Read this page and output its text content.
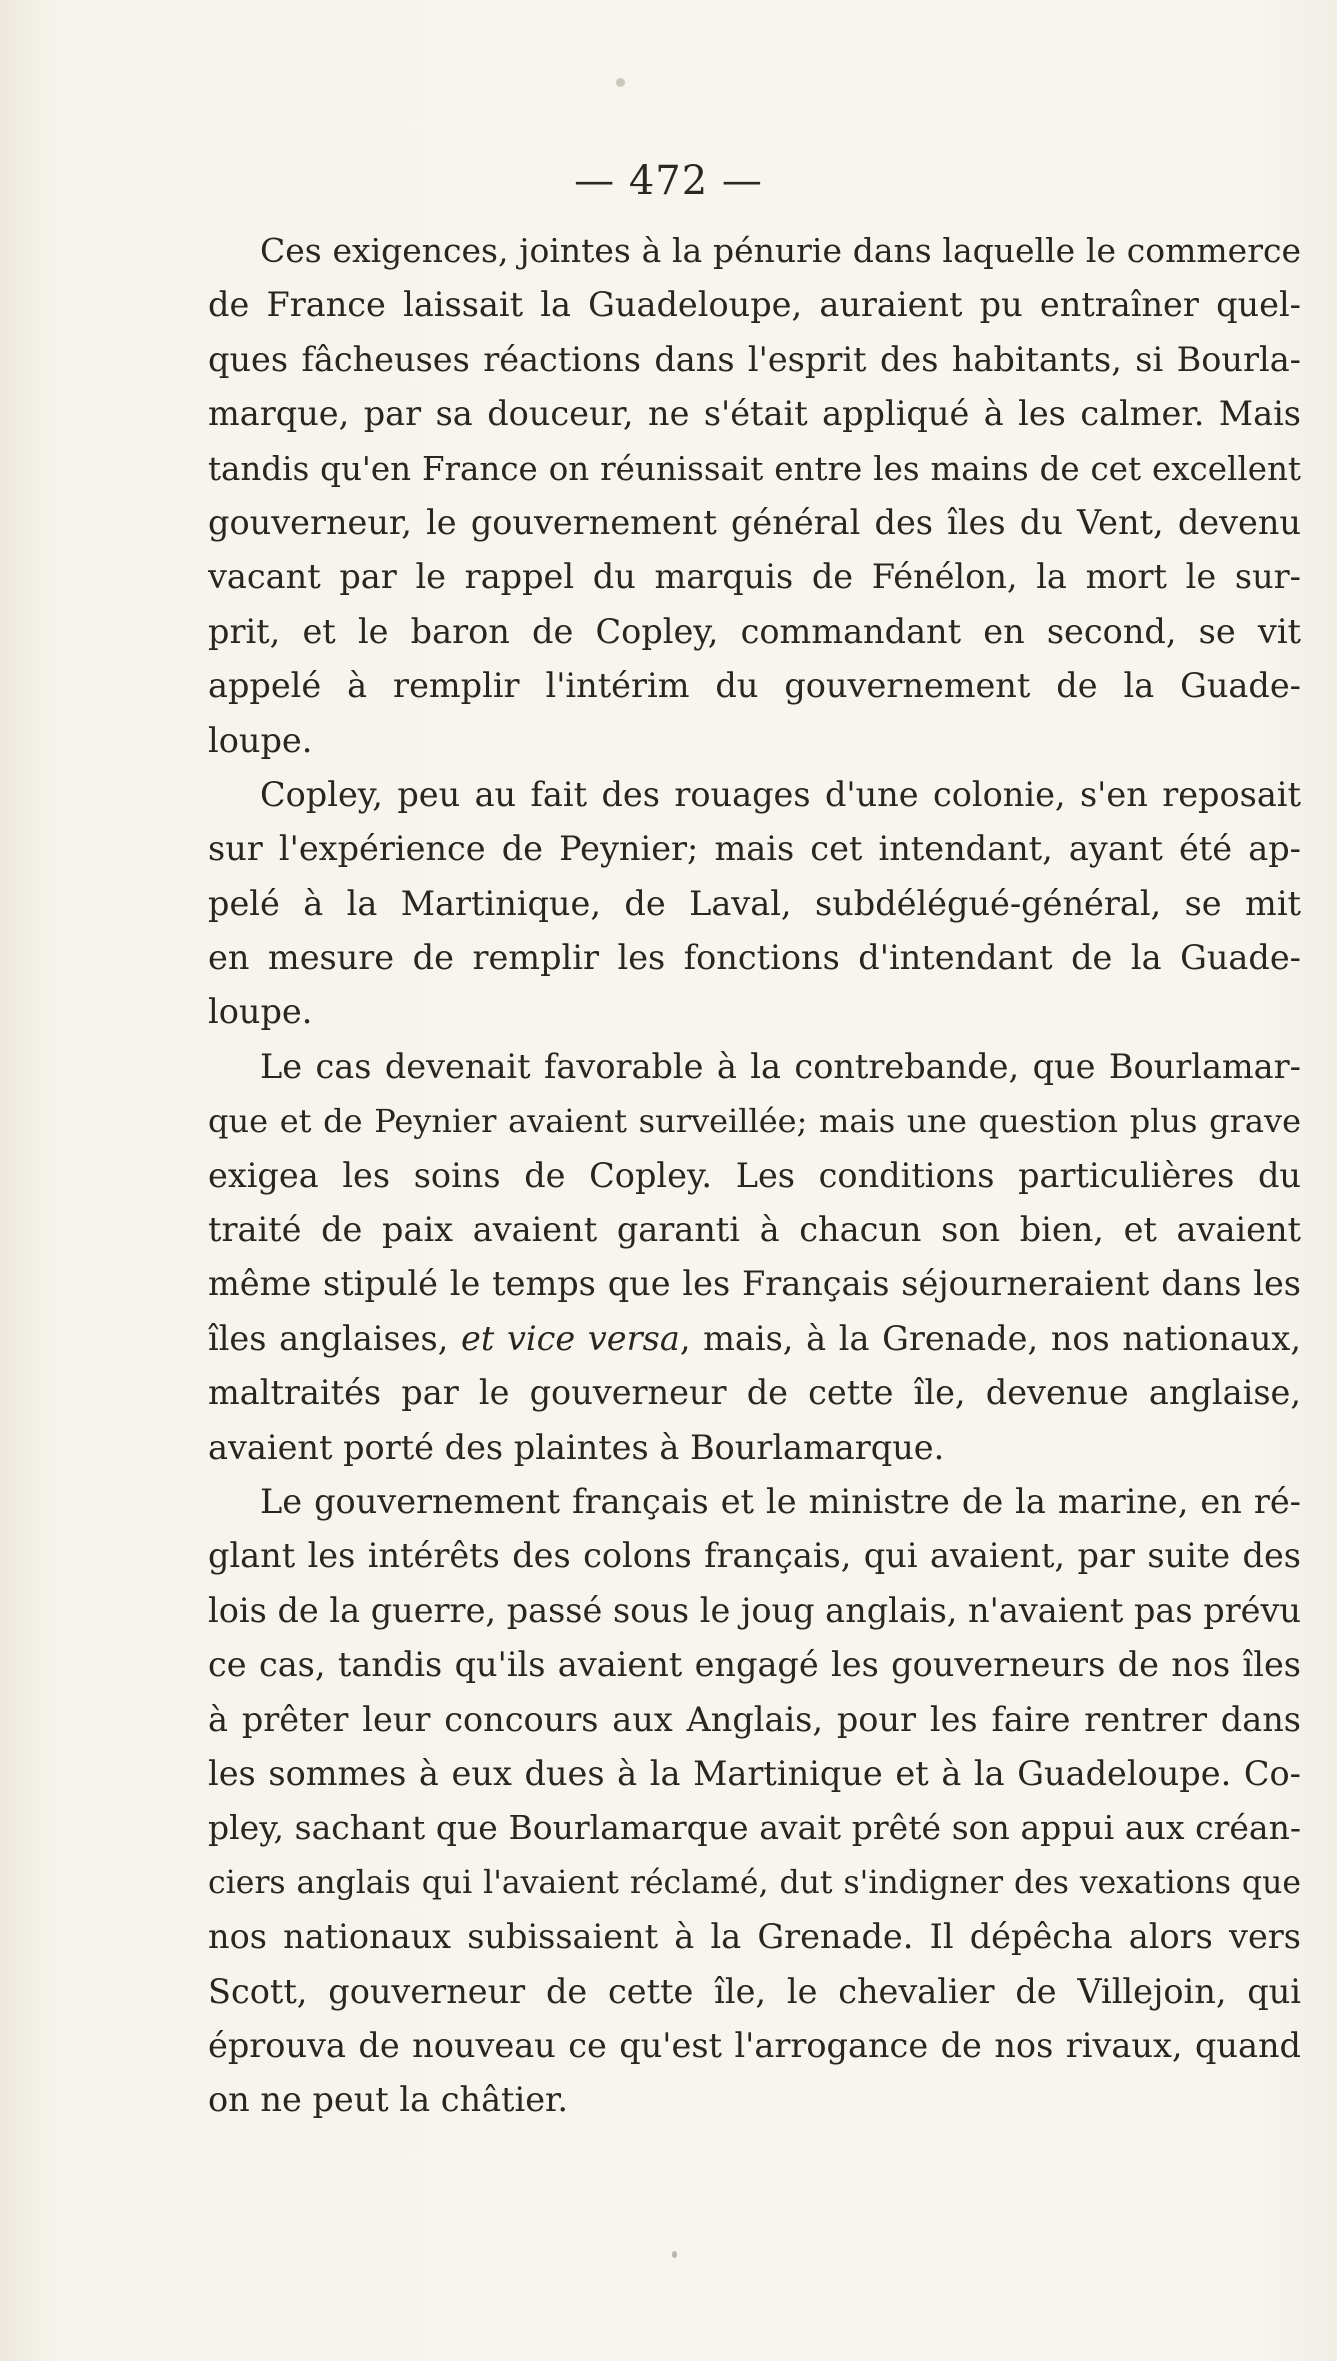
— 472 —
Ces exigences, jointes à la pénurie dans laquelle le commerce
de France laissait la Guadeloupe, auraient pu entraîner quel-
ques fâcheuses réactions dans l'esprit des habitants, si Bourla-
marque, par sa douceur, ne s'était appliqué à les calmer. Mais
tandis qu'en France on réunissait entre les mains de cet excellent
gouverneur, le gouvernement général des îles du Vent, devenu
vacant par le rappel du marquis de Fénélon, la mort le sur-
prit, et le baron de Copley, commandant en second, se vit
appelé à remplir l'intérim du gouvernement de la Guade-
loupe.
Copley, peu au fait des rouages d'une colonie, s'en reposait
sur l'expérience de Peynier; mais cet intendant, ayant été ap-
pelé à la Martinique, de Laval, subdélégué-général, se mit
en mesure de remplir les fonctions d'intendant de la Guade-
loupe.
Le cas devenait favorable à la contrebande, que Bourlamar-
que et de Peynier avaient surveillée; mais une question plus grave
exigea les soins de Copley. Les conditions particulières du
traité de paix avaient garanti à chacun son bien, et avaient
même stipulé le temps que les Français séjourneraient dans les
îles anglaises, et vice versa, mais, à la Grenade, nos nationaux,
maltraités par le gouverneur de cette île, devenue anglaise,
avaient porté des plaintes à Bourlamarque.
Le gouvernement français et le ministre de la marine, en ré-
glant les intérêts des colons français, qui avaient, par suite des
lois de la guerre, passé sous le joug anglais, n'avaient pas prévu
ce cas, tandis qu'ils avaient engagé les gouverneurs de nos îles
à prêter leur concours aux Anglais, pour les faire rentrer dans
les sommes à eux dues à la Martinique et à la Guadeloupe. Co-
pley, sachant que Bourlamarque avait prêté son appui aux créan-
ciers anglais qui l'avaient réclamé, dut s'indigner des vexations que
nos nationaux subissaient à la Grenade. Il dépêcha alors vers
Scott, gouverneur de cette île, le chevalier de Villejoin, qui
éprouva de nouveau ce qu'est l'arrogance de nos rivaux, quand
on ne peut la châtier.
